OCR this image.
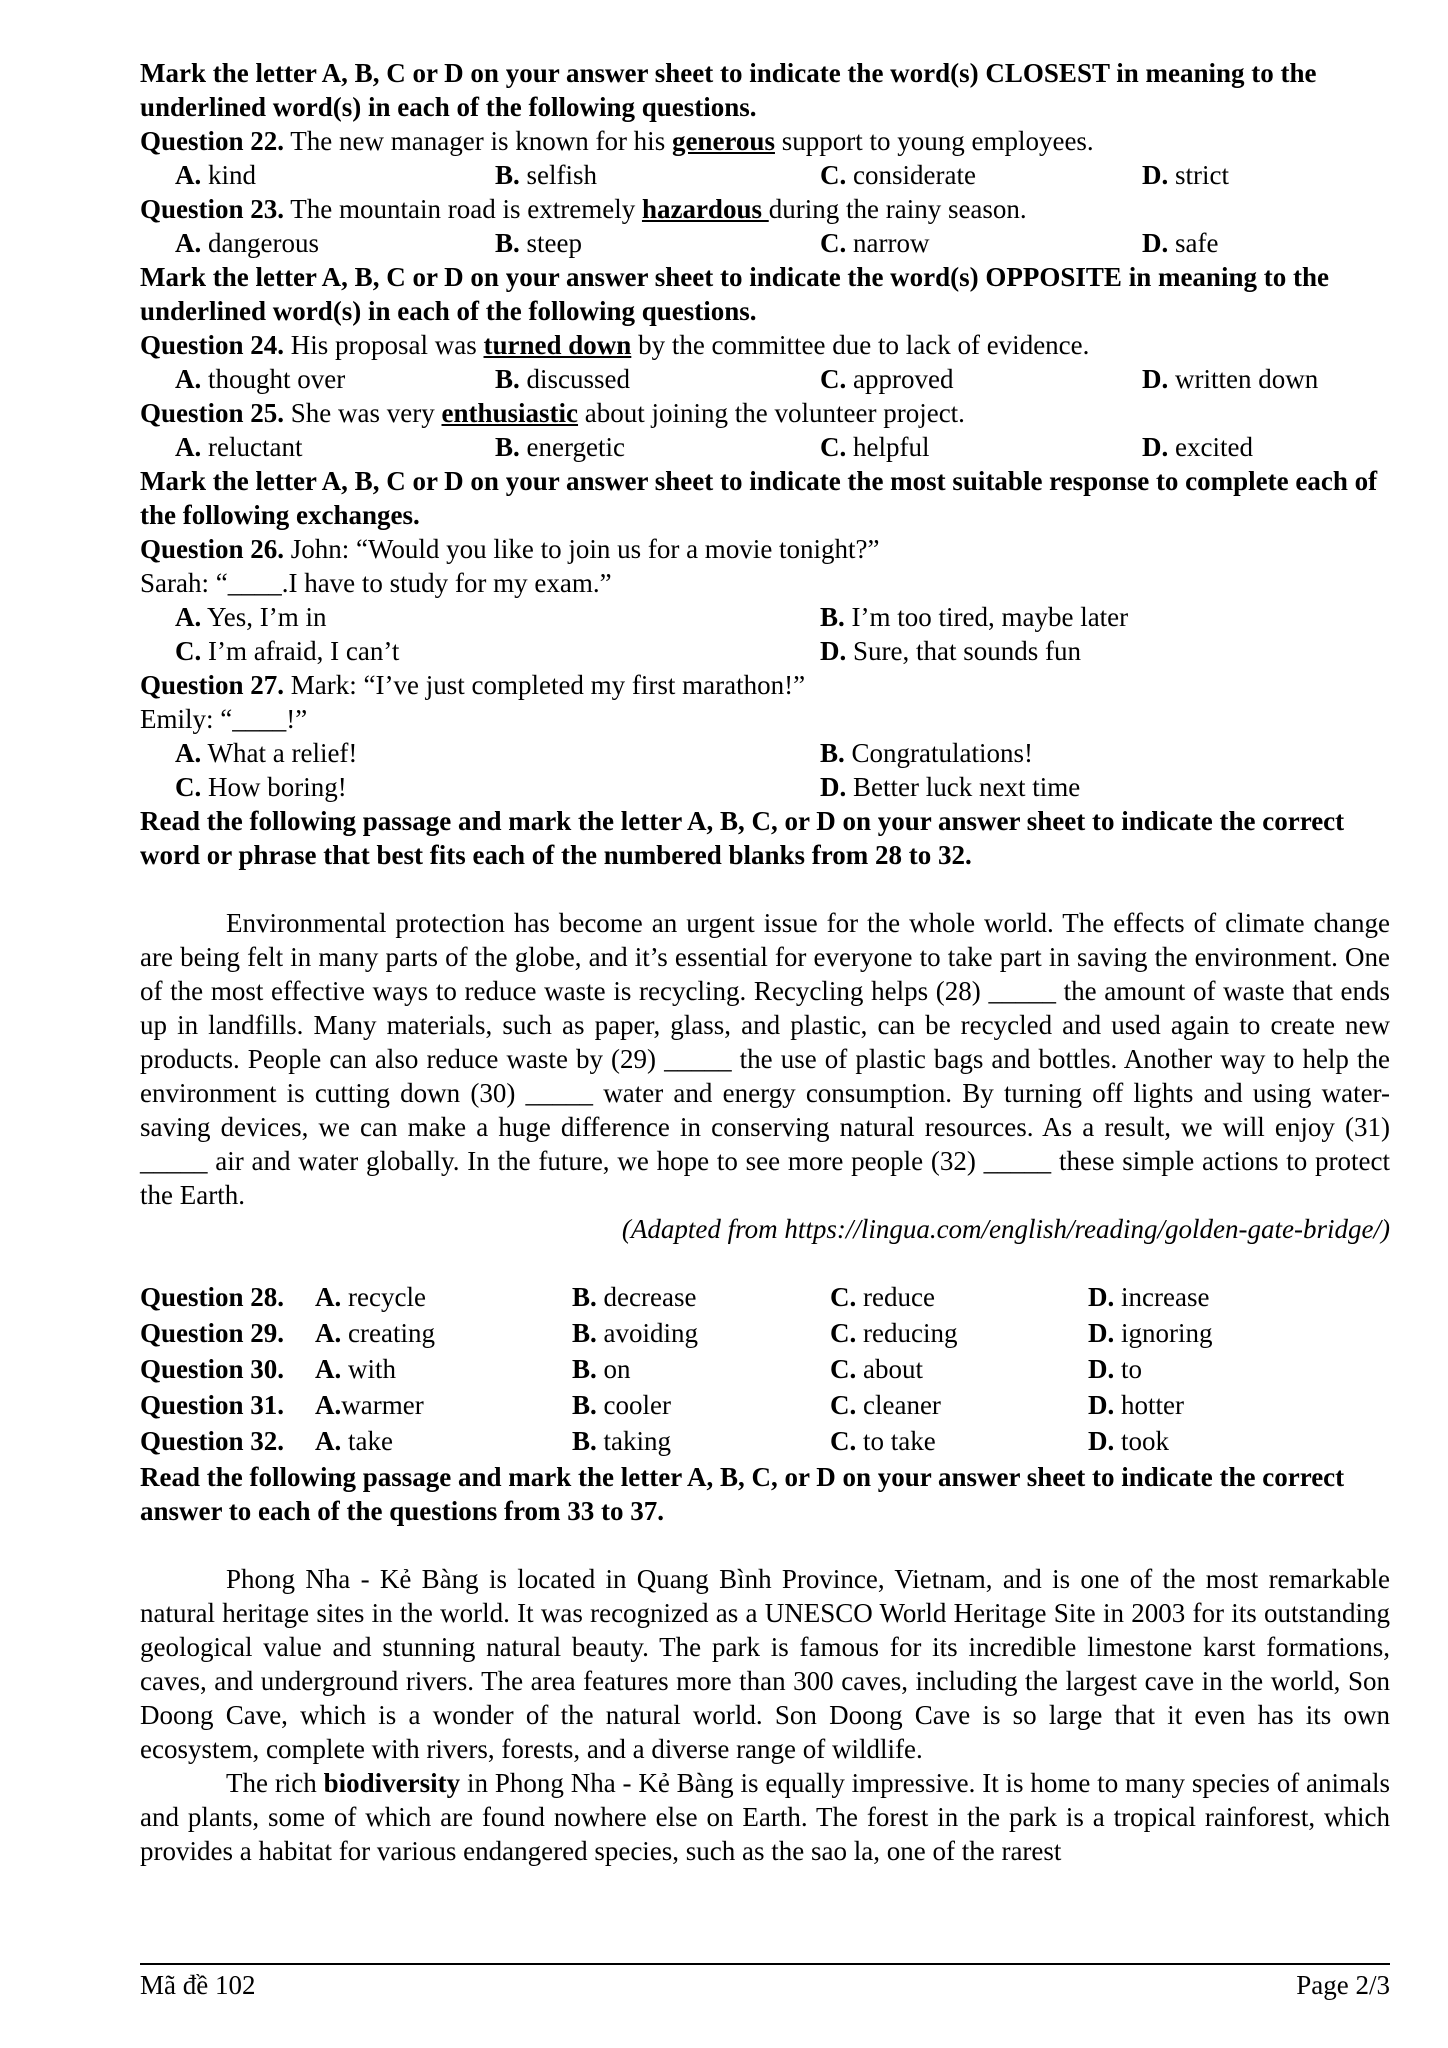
Mark the letter A, B, C or D on your answer sheet to indicate the word(s) CLOSEST in meaning to the underlined word(s) in each of the following questions.

Question 22. The new manager is known for his generous support to young employees.

A. kind	B. selfish	C. considerate	D. strict

Question 23. The mountain road is extremely hazardous during the rainy season.

A. dangerous	B. steep	C. narrow	D. safe

Mark the letter A, B, C or D on your answer sheet to indicate the word(s) OPPOSITE in meaning to the underlined word(s) in each of the following questions.

Question 24. His proposal was turned down by the committee due to lack of evidence.

A. thought over	B. discussed	C. approved	D. written down

Question 25. She was very enthusiastic about joining the volunteer project.

A. reluctant	B. energetic	C. helpful	D. excited

Mark the letter A, B, C or D on your answer sheet to indicate the most suitable response to complete each of the following exchanges.

Question 26. John: “Would you like to join us for a movie tonight?”

Sarah: “____.I have to study for my exam.”

A. Yes, I’m in	B. I’m too tired, maybe later
C. I’m afraid, I can’t	D. Sure, that sounds fun

Question 27. Mark: “I’ve just completed my first marathon!”

Emily: “____!”

A. What a relief!	B. Congratulations!
C. How boring!	D. Better luck next time

Read the following passage and mark the letter A, B, C, or D on your answer sheet to indicate the correct word or phrase that best fits each of the numbered blanks from 28 to 32.

Environmental protection has become an urgent issue for the whole world. The effects of climate change are being felt in many parts of the globe, and it’s essential for everyone to take part in saving the environment. One of the most effective ways to reduce waste is recycling. Recycling helps (28) _____ the amount of waste that ends up in landfills. Many materials, such as paper, glass, and plastic, can be recycled and used again to create new products. People can also reduce waste by (29) _____ the use of plastic bags and bottles. Another way to help the environment is cutting down (30) _____ water and energy consumption. By turning off lights and using water-saving devices, we can make a huge difference in conserving natural resources. As a result, we will enjoy (31) _____ air and water globally. In the future, we hope to see more people (32) _____ these simple actions to protect the Earth.

(Adapted from https://lingua.com/english/reading/golden-gate-bridge/)

Question 28. A. recycle	B. decrease	C. reduce	D. increase
Question 29. A. creating	B. avoiding	C. reducing	D. ignoring
Question 30. A. with	B. on	C. about	D. to
Question 31. A.warmer	B. cooler	C. cleaner	D. hotter
Question 32. A. take	B. taking	C. to take	D. took

Read the following passage and mark the letter A, B, C, or D on your answer sheet to indicate the correct answer to each of the questions from 33 to 37.

Phong Nha - Kẻ Bàng is located in Quang Bình Province, Vietnam, and is one of the most remarkable natural heritage sites in the world. It was recognized as a UNESCO World Heritage Site in 2003 for its outstanding geological value and stunning natural beauty. The park is famous for its incredible limestone karst formations, caves, and underground rivers. The area features more than 300 caves, including the largest cave in the world, Son Doong Cave, which is a wonder of the natural world. Son Doong Cave is so large that it even has its own ecosystem, complete with rivers, forests, and a diverse range of wildlife.

The rich biodiversity in Phong Nha - Kẻ Bàng is equally impressive. It is home to many species of animals and plants, some of which are found nowhere else on Earth. The forest in the park is a tropical rainforest, which provides a habitat for various endangered species, such as the sao la, one of the rarest

Mã đề 102	Page 2/3
